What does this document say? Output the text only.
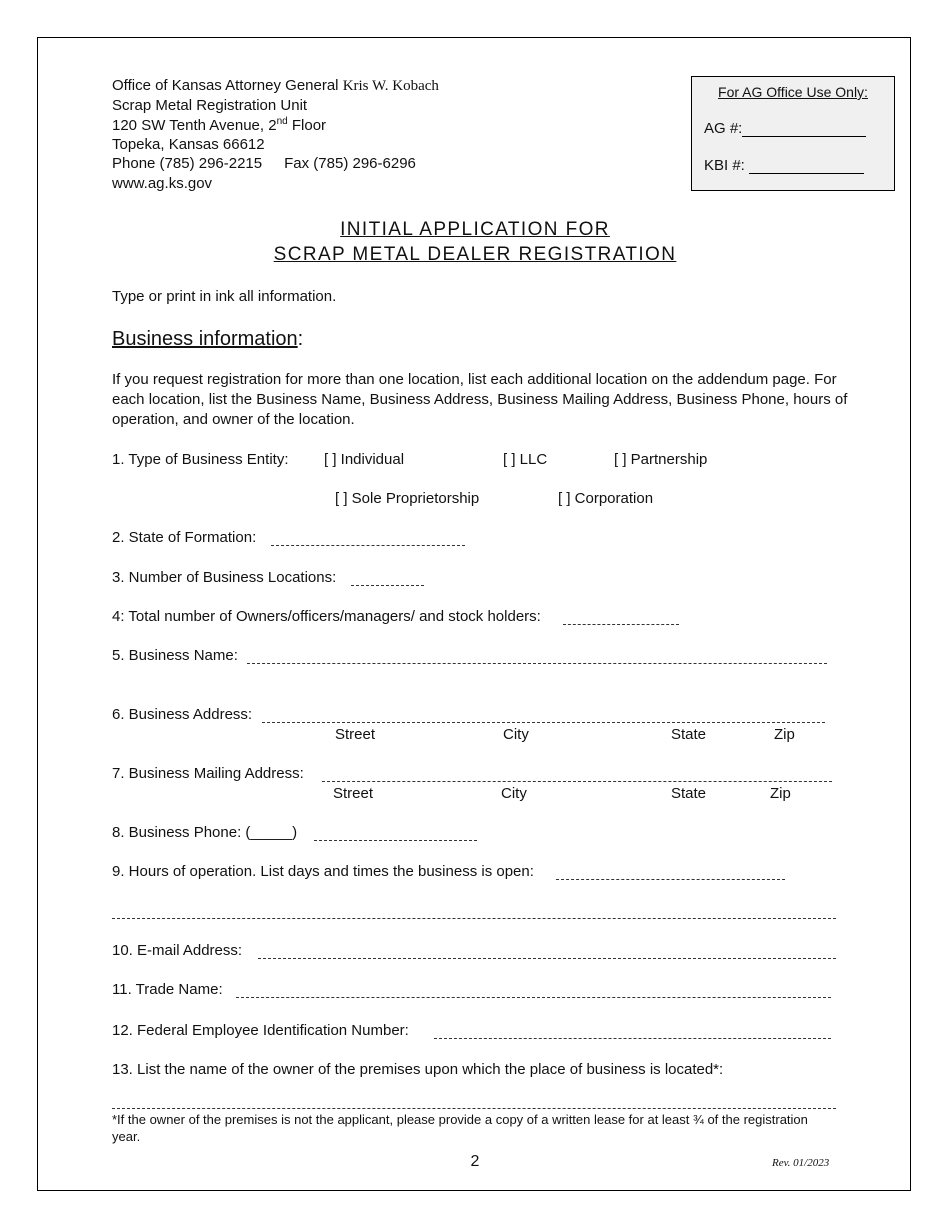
Office of Kansas Attorney General Kris W. Kobach
Scrap Metal Registration Unit
120 SW Tenth Avenue, 2nd Floor
Topeka, Kansas 66612
Phone (785) 296-2215 Fax (785) 296-6296
www.ag.ks.gov
For AG Office Use Only:
AG #:
KBI #:
INITIAL APPLICATION FOR
SCRAP METAL DEALER REGISTRATION
Type or print in ink all information.
Business information:
If you request registration for more than one location, list each additional location on the addendum page. For each location, list the Business Name, Business Address, Business Mailing Address, Business Phone, hours of operation, and owner of the location.
1. Type of Business Entity: [ ] Individual	[ ] LLC	[ ] Partnership
[ ] Sole Proprietorship	[ ] Corporation
2. State of Formation:
3. Number of Business Locations:
4: Total number of Owners/officers/managers/ and stock holders:
5. Business Name:
6. Business Address:
Street	City	State	Zip
7. Business Mailing Address:
Street	City	State	Zip
8. Business Phone: (_____)
9. Hours of operation. List days and times the business is open:
10. E-mail Address:
11. Trade Name:
12. Federal Employee Identification Number:
13. List the name of the owner of the premises upon which the place of business is located*:
*If the owner of the premises is not the applicant, please provide a copy of a written lease for at least ¾ of the registration year.
2	Rev. 01/2023
